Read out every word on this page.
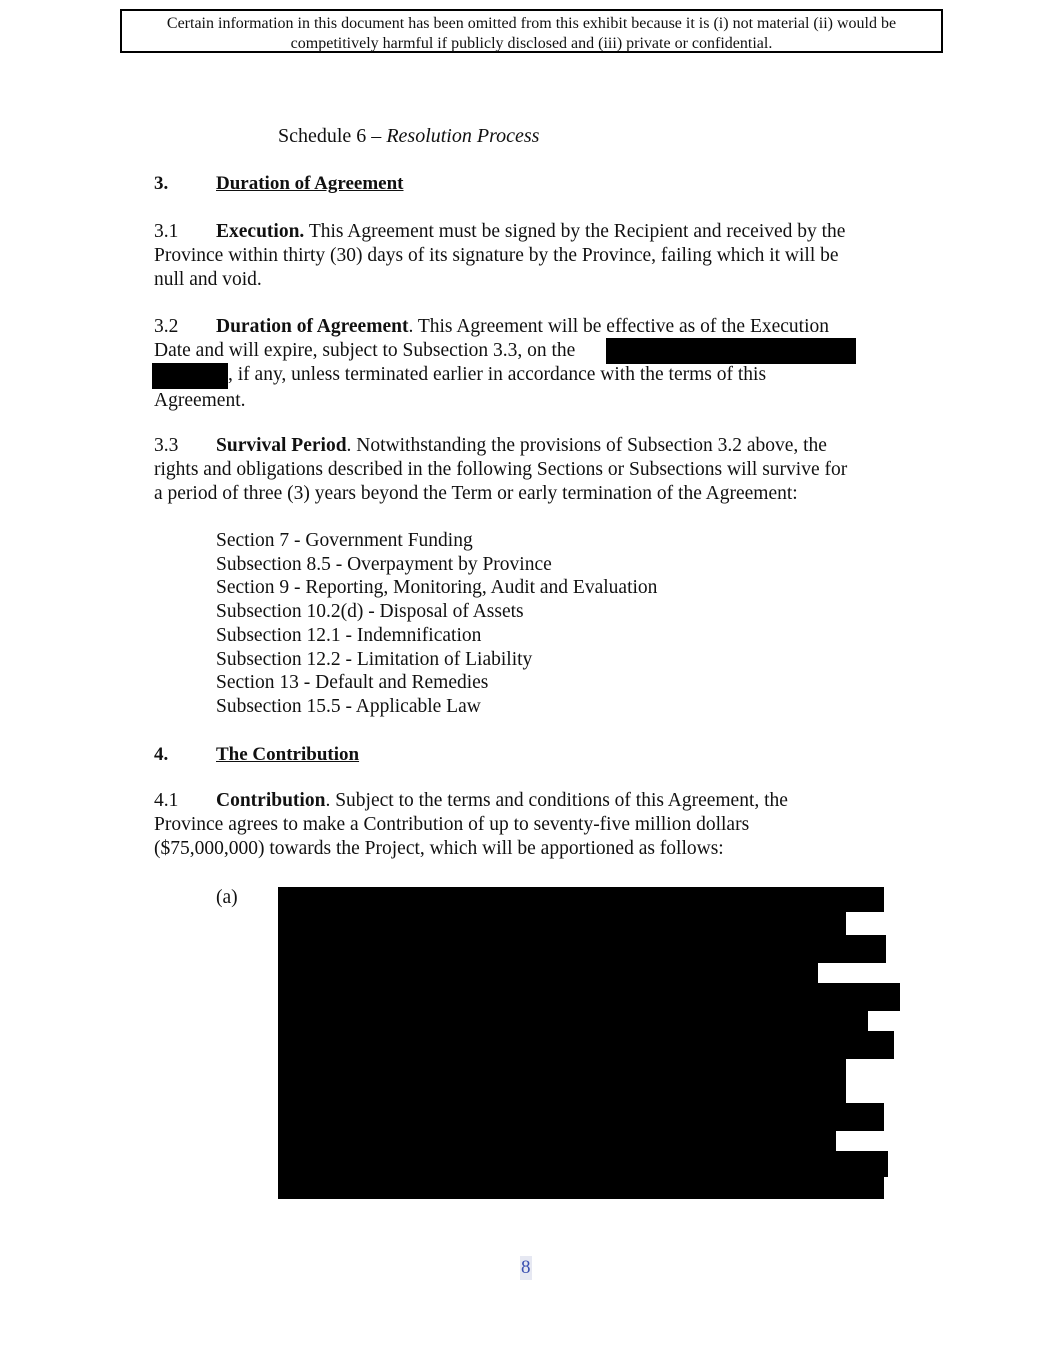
Certain information in this document has been omitted from this exhibit because it is (i) not material (ii) would be
competitively harmful if publicly disclosed and (iii) private or confidential.
Schedule 6 – Resolution Process
3.	Duration of Agreement
3.1 Execution. This Agreement must be signed by the Recipient and received by the
Province within thirty (30) days of its signature by the Province, failing which it will be
null and void.
3.2 Duration of Agreement. This Agreement will be effective as of the Execution
Date and will expire, subject to Subsection 3.3, on the
, if any, unless terminated earlier in accordance with the terms of this
Agreement.
3.3 Survival Period. Notwithstanding the provisions of Subsection 3.2 above, the
rights and obligations described in the following Sections or Subsections will survive for
a period of three (3) years beyond the Term or early termination of the Agreement:
Section 7 - Government Funding
Subsection 8.5 - Overpayment by Province
Section 9 - Reporting, Monitoring, Audit and Evaluation
Subsection 10.2(d) - Disposal of Assets
Subsection 12.1 - Indemnification
Subsection 12.2 - Limitation of Liability
Section 13 - Default and Remedies
Subsection 15.5 - Applicable Law
4.	The Contribution
4.1 Contribution. Subject to the terms and conditions of this Agreement, the
Province agrees to make a Contribution of up to seventy-five million dollars
($75,000,000) towards the Project, which will be apportioned as follows:
(a)
8
